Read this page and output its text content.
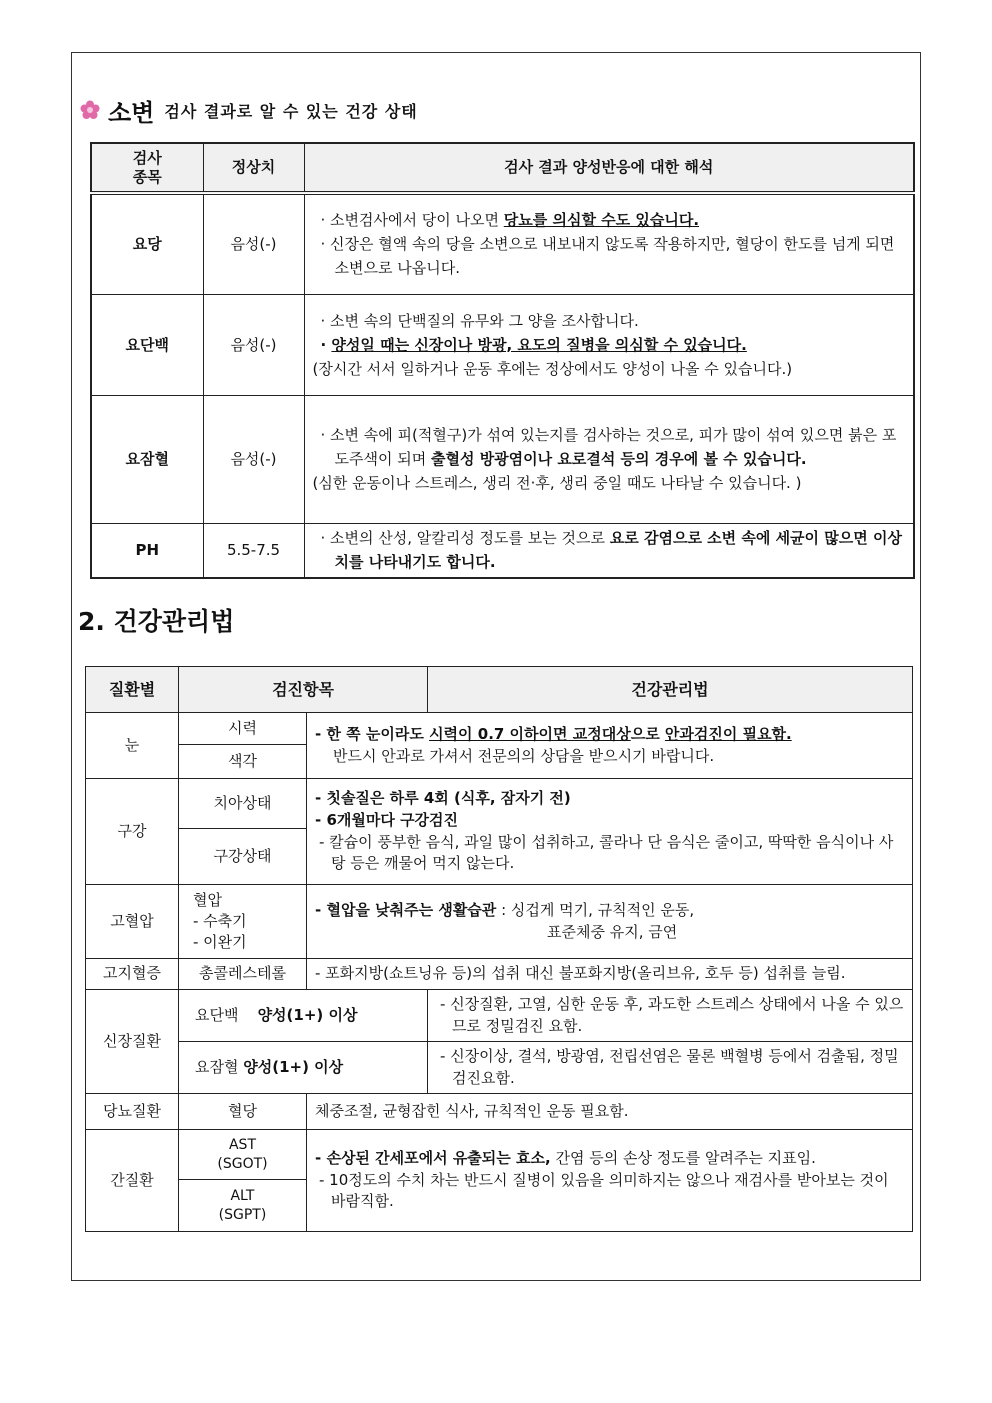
소변 검사 결과로 알 수 있는 건강 상태
검사
종목	정상치	검사 결과 양성반응에 대한 해석
요당	음성(-)	· 소변검사에서 당이 나오면 당뇨를 의심할 수도 있습니다.
· 신장은 혈액 속의 당을 소변으로 내보내지 않도록 작용하지만, 혈당이 한도를 넘게 되면 소변으로 나옵니다.

요단백	음성(-)	· 소변 속의 단백질의 유무와 그 양을 조사합니다.
· 양성일 때는 신장이나 방광, 요도의 질병을 의심할 수 있습니다.
(장시간 서서 일하거나 운동 후에는 정상에서도 양성이 나올 수 있습니다.)

요잠혈	음성(-)	· 소변 속에 피(적혈구)가 섞여 있는지를 검사하는 것으로, 피가 많이 섞여 있으면 붉은 포도주색이 되며 출혈성 방광염이나 요로결석 등의 경우에 볼 수 있습니다.
(심한 운동이나 스트레스, 생리 전·후, 생리 중일 때도 나타날 수 있습니다. )

PH	5.5-7.5	· 소변의 산성, 알칼리성 정도를 보는 것으로 요로 감염으로 소변 속에 세균이 많으면 이상치를 나타내기도 합니다.
2. 건강관리법
질환별	검진항목		건강관리법
눈	시력	- 한 쪽 눈이라도 시력이 0.7 이하이면 교정대상으로 안과검진이 필요함.
반드시 안과로 가셔서 전문의의 상담을 받으시기 바랍니다.	

	색각		
구강	치아상태	- 칫솔질은 하루 4회 (식후, 잠자기 전)
- 6개월마다 구강검진
- 칼슘이 풍부한 음식, 과일 많이 섭취하고, 콜라나 단 음식은 줄이고, 딱딱한 음식이나 사탕 등은 깨물어 먹지 않는다.	

	구강상태		
고혈압	혈압
- 수축기
- 이완기	- 혈압을 낮춰주는 생활습관 : 싱겁게 먹기, 규칙적인 운동,
표준체중 유지, 금연	

고지혈증	총콜레스테롤	- 포화지방(쇼트닝유 등)의 섭취 대신 불포화지방(올리브유, 호두 등) 섭취를 늘림.	
신장질환	요단백 양성(1+) 이상		- 신장질환, 고열, 심한 운동 후, 과도한 스트레스 상태에서 나올 수 있으므로 정밀검진 요함.

	요잠혈 양성(1+) 이상		- 신장이상, 결석, 방광염, 전립선염은 물론 백혈병 등에서 검출됨, 정밀검진요함.

당뇨질환	혈당	체중조절, 균형잡힌 식사, 규칙적인 운동 필요함.	
간질환	AST
(SGOT)	- 손상된 간세포에서 유출되는 효소, 간염 등의 손상 정도를 알려주는 지표임.
- 10정도의 수치 차는 반드시 질병이 있음을 의미하지는 않으나 재검사를 받아보는 것이 바람직함.	

	ALT
(SGPT)		
